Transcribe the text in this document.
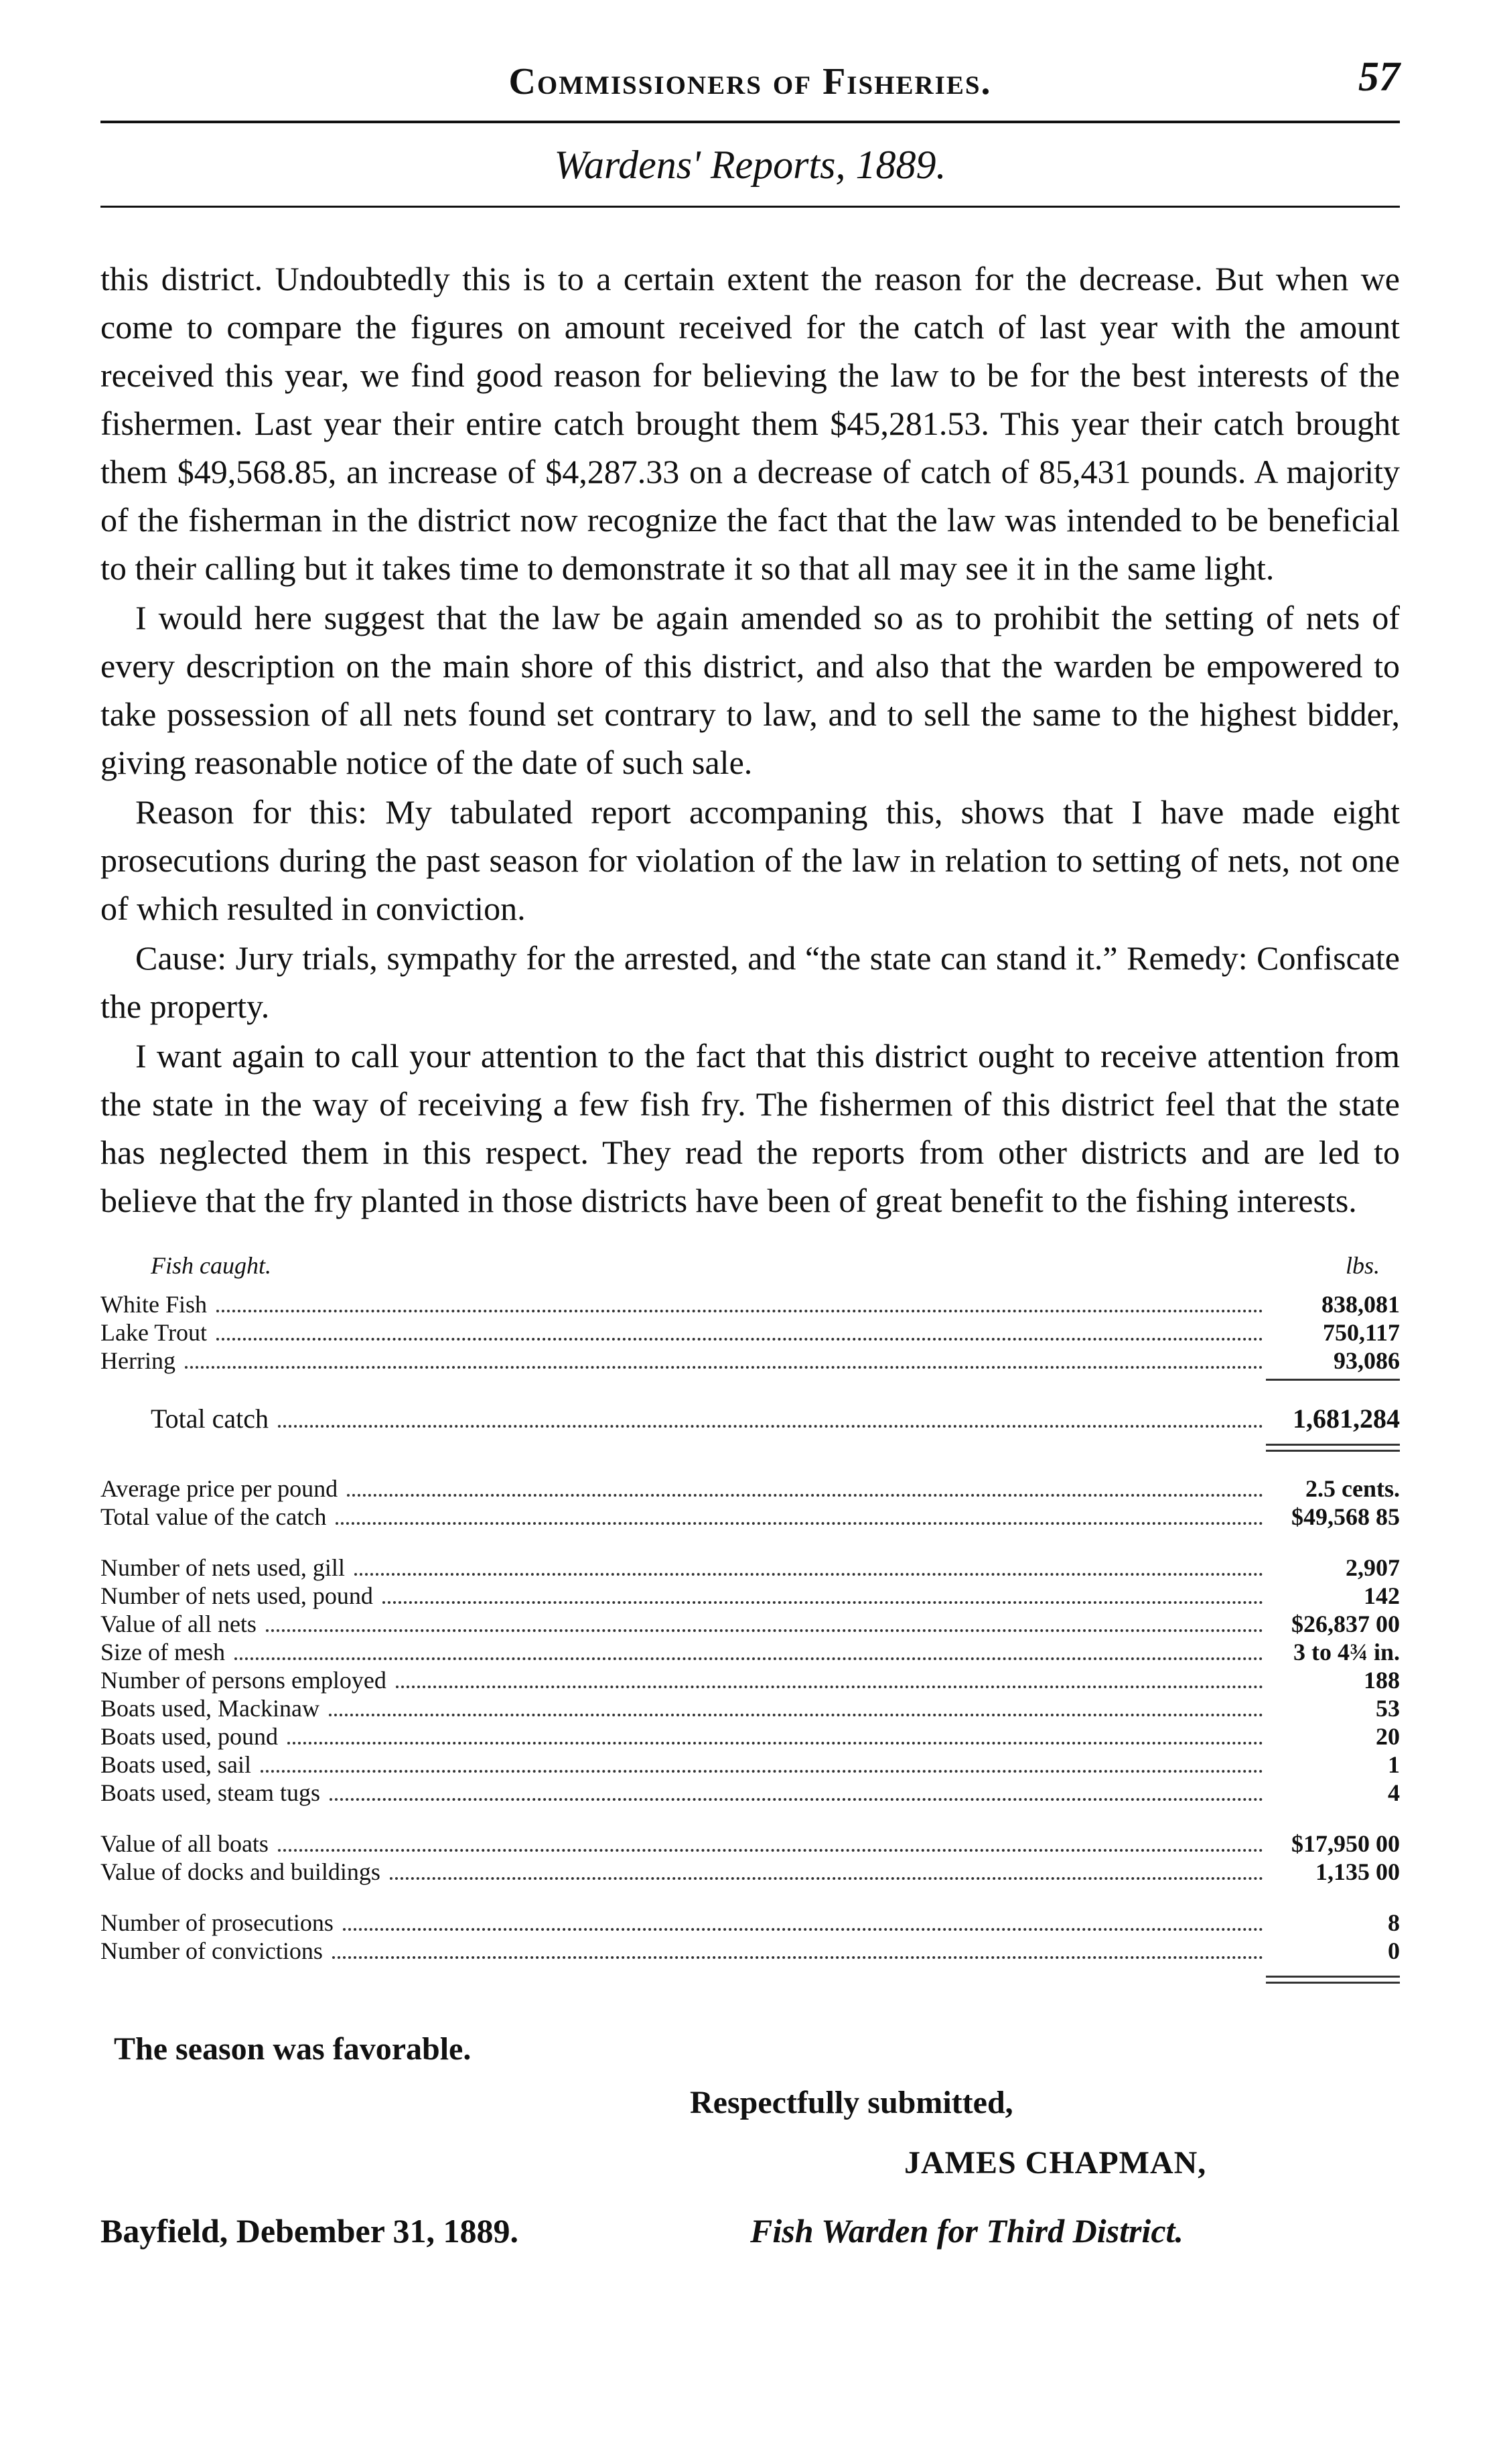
Commissioners of Fisheries.	57
Wardens' Reports, 1889.

this district. Undoubtedly this is to a certain extent the reason for the decrease. But when we come to compare the figures on amount received for the catch of last year with the amount received this year, we find good reason for believing the law to be for the best interests of the fishermen. Last year their entire catch brought them $45,281.53. This year their catch brought them $49,568.85, an increase of $4,287.33 on a decrease of catch of 85,431 pounds. A majority of the fisherman in the district now recognize the fact that the law was intended to be beneficial to their calling but it takes time to demonstrate it so that all may see it in the same light.

I would here suggest that the law be again amended so as to prohibit the setting of nets of every description on the main shore of this district, and also that the warden be empowered to take possession of all nets found set contrary to law, and to sell the same to the highest bidder, giving reasonable notice of the date of such sale.

Reason for this: My tabulated report accompaning this, shows that I have made eight prosecutions during the past season for violation of the law in relation to setting of nets, not one of which resulted in conviction.

Cause: Jury trials, sympathy for the arrested, and “the state can stand it.” Remedy: Confiscate the property.

I want again to call your attention to the fact that this district ought to receive attention from the state in the way of receiving a few fish fry. The fishermen of this district feel that the state has neglected them in this respect. They read the reports from other districts and are led to believe that the fry planted in those districts have been of great benefit to the fishing interests.

Fish caught.	lbs.
White Fish	838,081
Lake Trout	750,117
Herring	93,086
Total catch	1,681,284
Average price per pound	2.5 cents.
Total value of the catch	$49,568 85
Number of nets used, gill	2,907
Number of nets used, pound	142
Value of all nets	$26,837 00
Size of mesh	3 to 4¾ in.
Number of persons employed	188
Boats used, Mackinaw	53
Boats used, pound	20
Boats used, sail	1
Boats used, steam tugs	4
Value of all boats	$17,950 00
Value of docks and buildings	1,135 00
Number of prosecutions	8
Number of convictions	0
The season was favorable.
Respectfully submitted,
JAMES CHAPMAN,
Bayfield, Debember 31, 1889.	Fish Warden for Third District.
